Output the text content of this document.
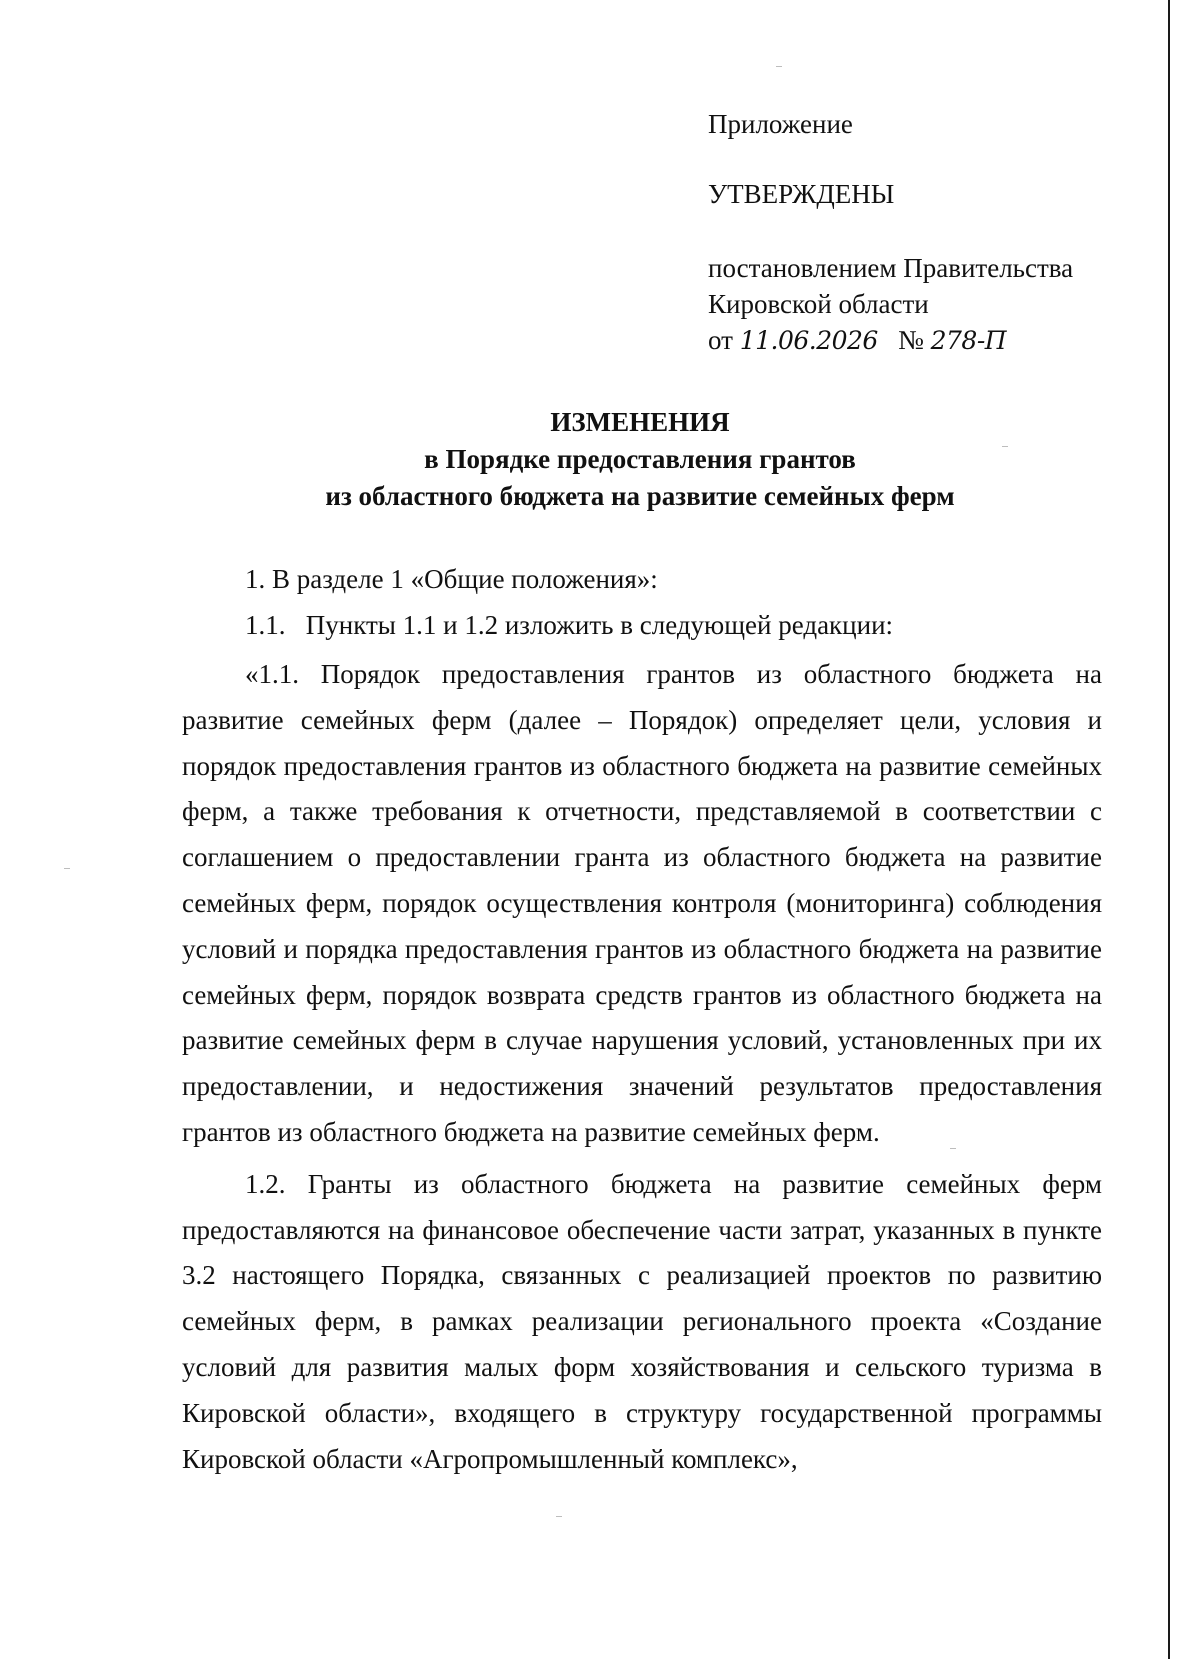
Приложение

УТВЕРЖДЕНЫ

постановлением Правительства

Кировской области

от 11.06.2026 № 278-П

ИЗМЕНЕНИЯ

в Порядке предоставления грантов

из областного бюджета на развитие семейных ферм

1. В разделе 1 «Общие положения»:

1.1.   Пункты 1.1 и 1.2 изложить в следующей редакции:

«1.1. Порядок предоставления грантов из областного бюджета на развитие семейных ферм (далее – Порядок) определяет цели, условия и порядок предоставления грантов из областного бюджета на развитие семейных ферм, а также требования к отчетности, представляемой в соответствии с соглашением о предоставлении гранта из областного бюджета на развитие семейных ферм, порядок осуществления контроля (мониторинга) соблюдения условий и порядка предоставления грантов из областного бюджета на развитие семейных ферм, порядок возврата средств грантов из областного бюджета на развитие семейных ферм в случае нарушения условий, установленных при их предоставлении, и недостижения значений результатов предоставления грантов из областного бюджета на развитие семейных ферм.

1.2. Гранты из областного бюджета на развитие семейных ферм предоставляются на финансовое обеспечение части затрат, указанных в пункте 3.2 настоящего Порядка, связанных с реализацией проектов по развитию семейных ферм, в рамках реализации регионального проекта «Создание условий для развития малых форм хозяйствования и сельского туризма в Кировской области», входящего в структуру государственной программы Кировской области «Агропромышленный комплекс»,
